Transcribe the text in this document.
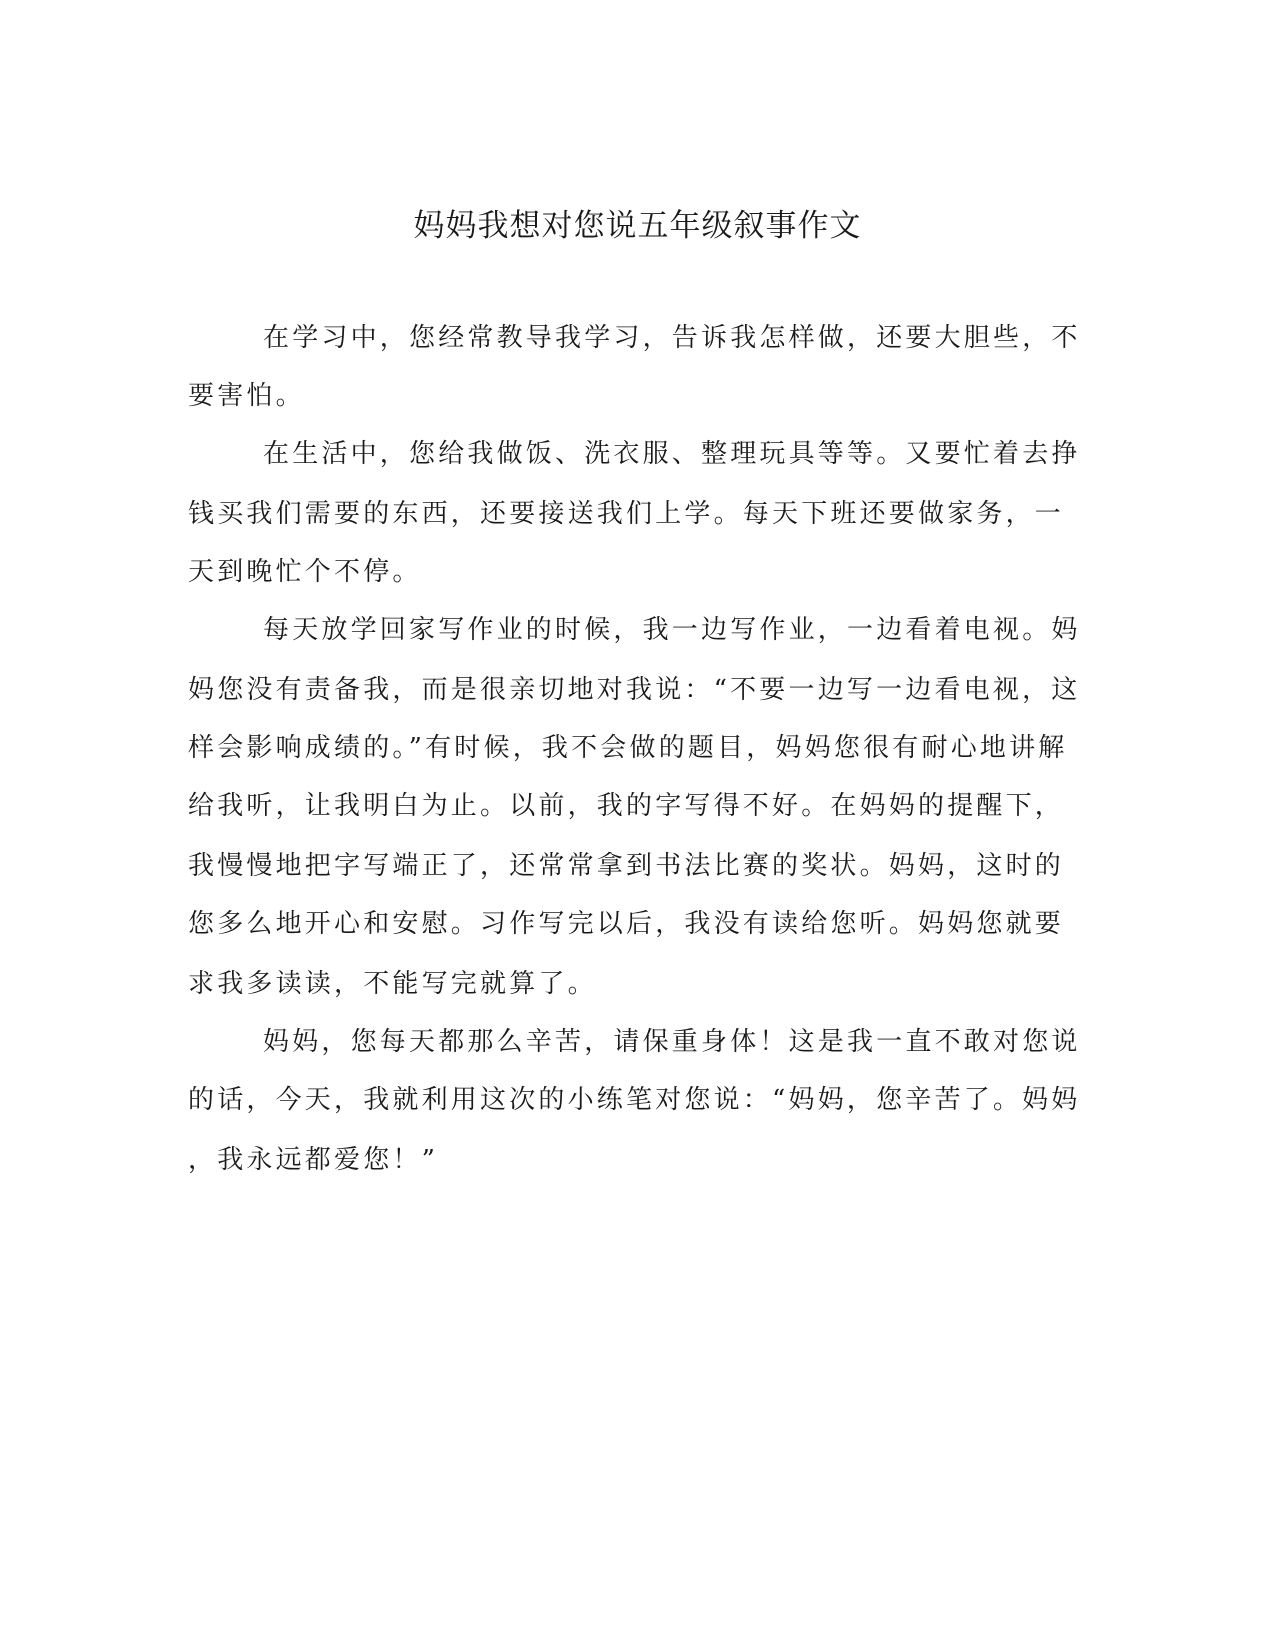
妈妈我想对您说五年级叙事作文
在学习中，您经常教导我学习，告诉我怎样做，还要大胆些，不
要害怕。
在生活中，您给我做饭、洗衣服、整理玩具等等。又要忙着去挣
钱买我们需要的东西，还要接送我们上学。每天下班还要做家务，一
天到晚忙个不停。
每天放学回家写作业的时候，我一边写作业，一边看着电视。妈
妈您没有责备我，而是很亲切地对我说：“不要一边写一边看电视，这
样会影响成绩的。”有时候，我不会做的题目，妈妈您很有耐心地讲解
给我听，让我明白为止。以前，我的字写得不好。在妈妈的提醒下，
我慢慢地把字写端正了，还常常拿到书法比赛的奖状。妈妈，这时的
您多么地开心和安慰。习作写完以后，我没有读给您听。妈妈您就要
求我多读读，不能写完就算了。
妈妈，您每天都那么辛苦，请保重身体！这是我一直不敢对您说
的话，今天，我就利用这次的小练笔对您说：“妈妈，您辛苦了。妈妈
，我永远都爱您！”
